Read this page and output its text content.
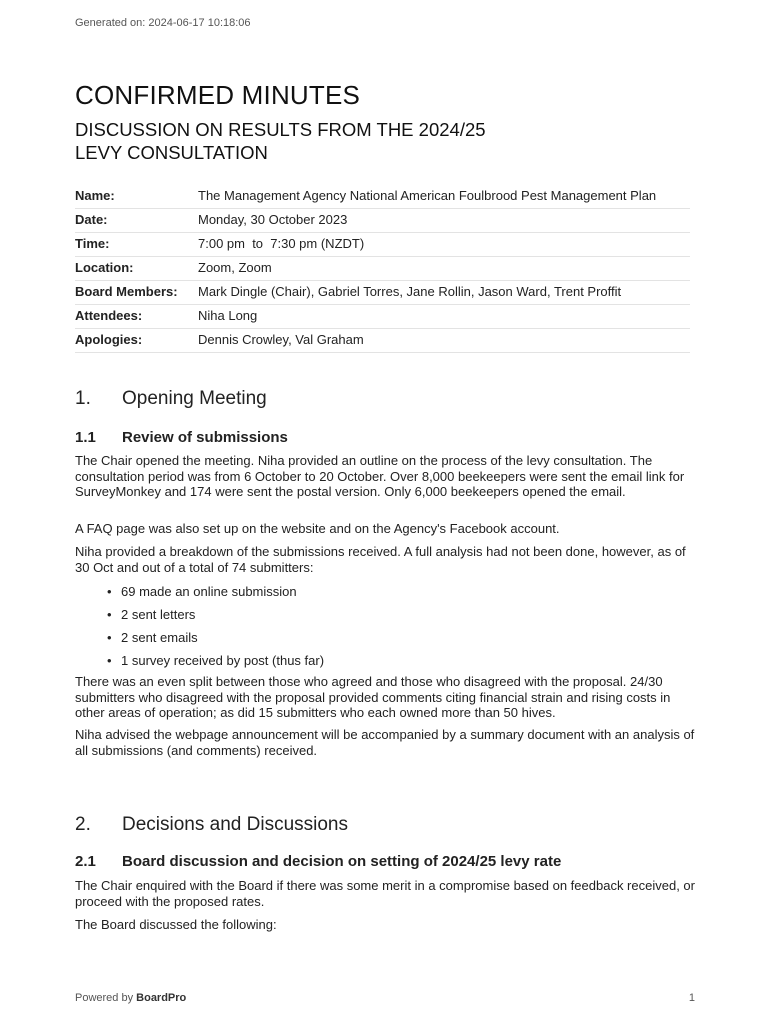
Generated on: 2024-06-17 10:18:06
CONFIRMED MINUTES
DISCUSSION ON RESULTS FROM THE 2024/25
LEVY CONSULTATION
Name:	The Management Agency National American Foulbrood Pest Management Plan
Date:	Monday, 30 October 2023
Time:	7:00 pm  to  7:30 pm (NZDT)
Location:	Zoom, Zoom
Board Members:	Mark Dingle (Chair), Gabriel Torres, Jane Rollin, Jason Ward, Trent Proffit
Attendees:	Niha Long
Apologies:	Dennis Crowley, Val Graham
1. Opening Meeting
1.1 Review of submissions

The Chair opened the meeting. Niha provided an outline on the process of the levy consultation. The consultation period was from 6 October to 20 October. Over 8,000 beekeepers were sent the email link for SurveyMonkey and 174 were sent the postal version. Only 6,000 beekeepers opened the email.

A FAQ page was also set up on the website and on the Agency's Facebook account.

Niha provided a breakdown of the submissions received. A full analysis had not been done, however, as of 30 Oct and out of a total of 74 submitters:

• 69 made an online submission
• 2 sent letters
• 2 sent emails
• 1 survey received by post (thus far)

There was an even split between those who agreed and those who disagreed with the proposal. 24/30 submitters who disagreed with the proposal provided comments citing financial strain and rising costs in other areas of operation; as did 15 submitters who each owned more than 50 hives.

Niha advised the webpage announcement will be accompanied by a summary document with an analysis of all submissions (and comments) received.

2. Decisions and Discussions
2.1 Board discussion and decision on setting of 2024/25 levy rate

The Chair enquired with the Board if there was some merit in a compromise based on feedback received, or proceed with the proposed rates.

The Board discussed the following:

Powered by BoardPro	1
